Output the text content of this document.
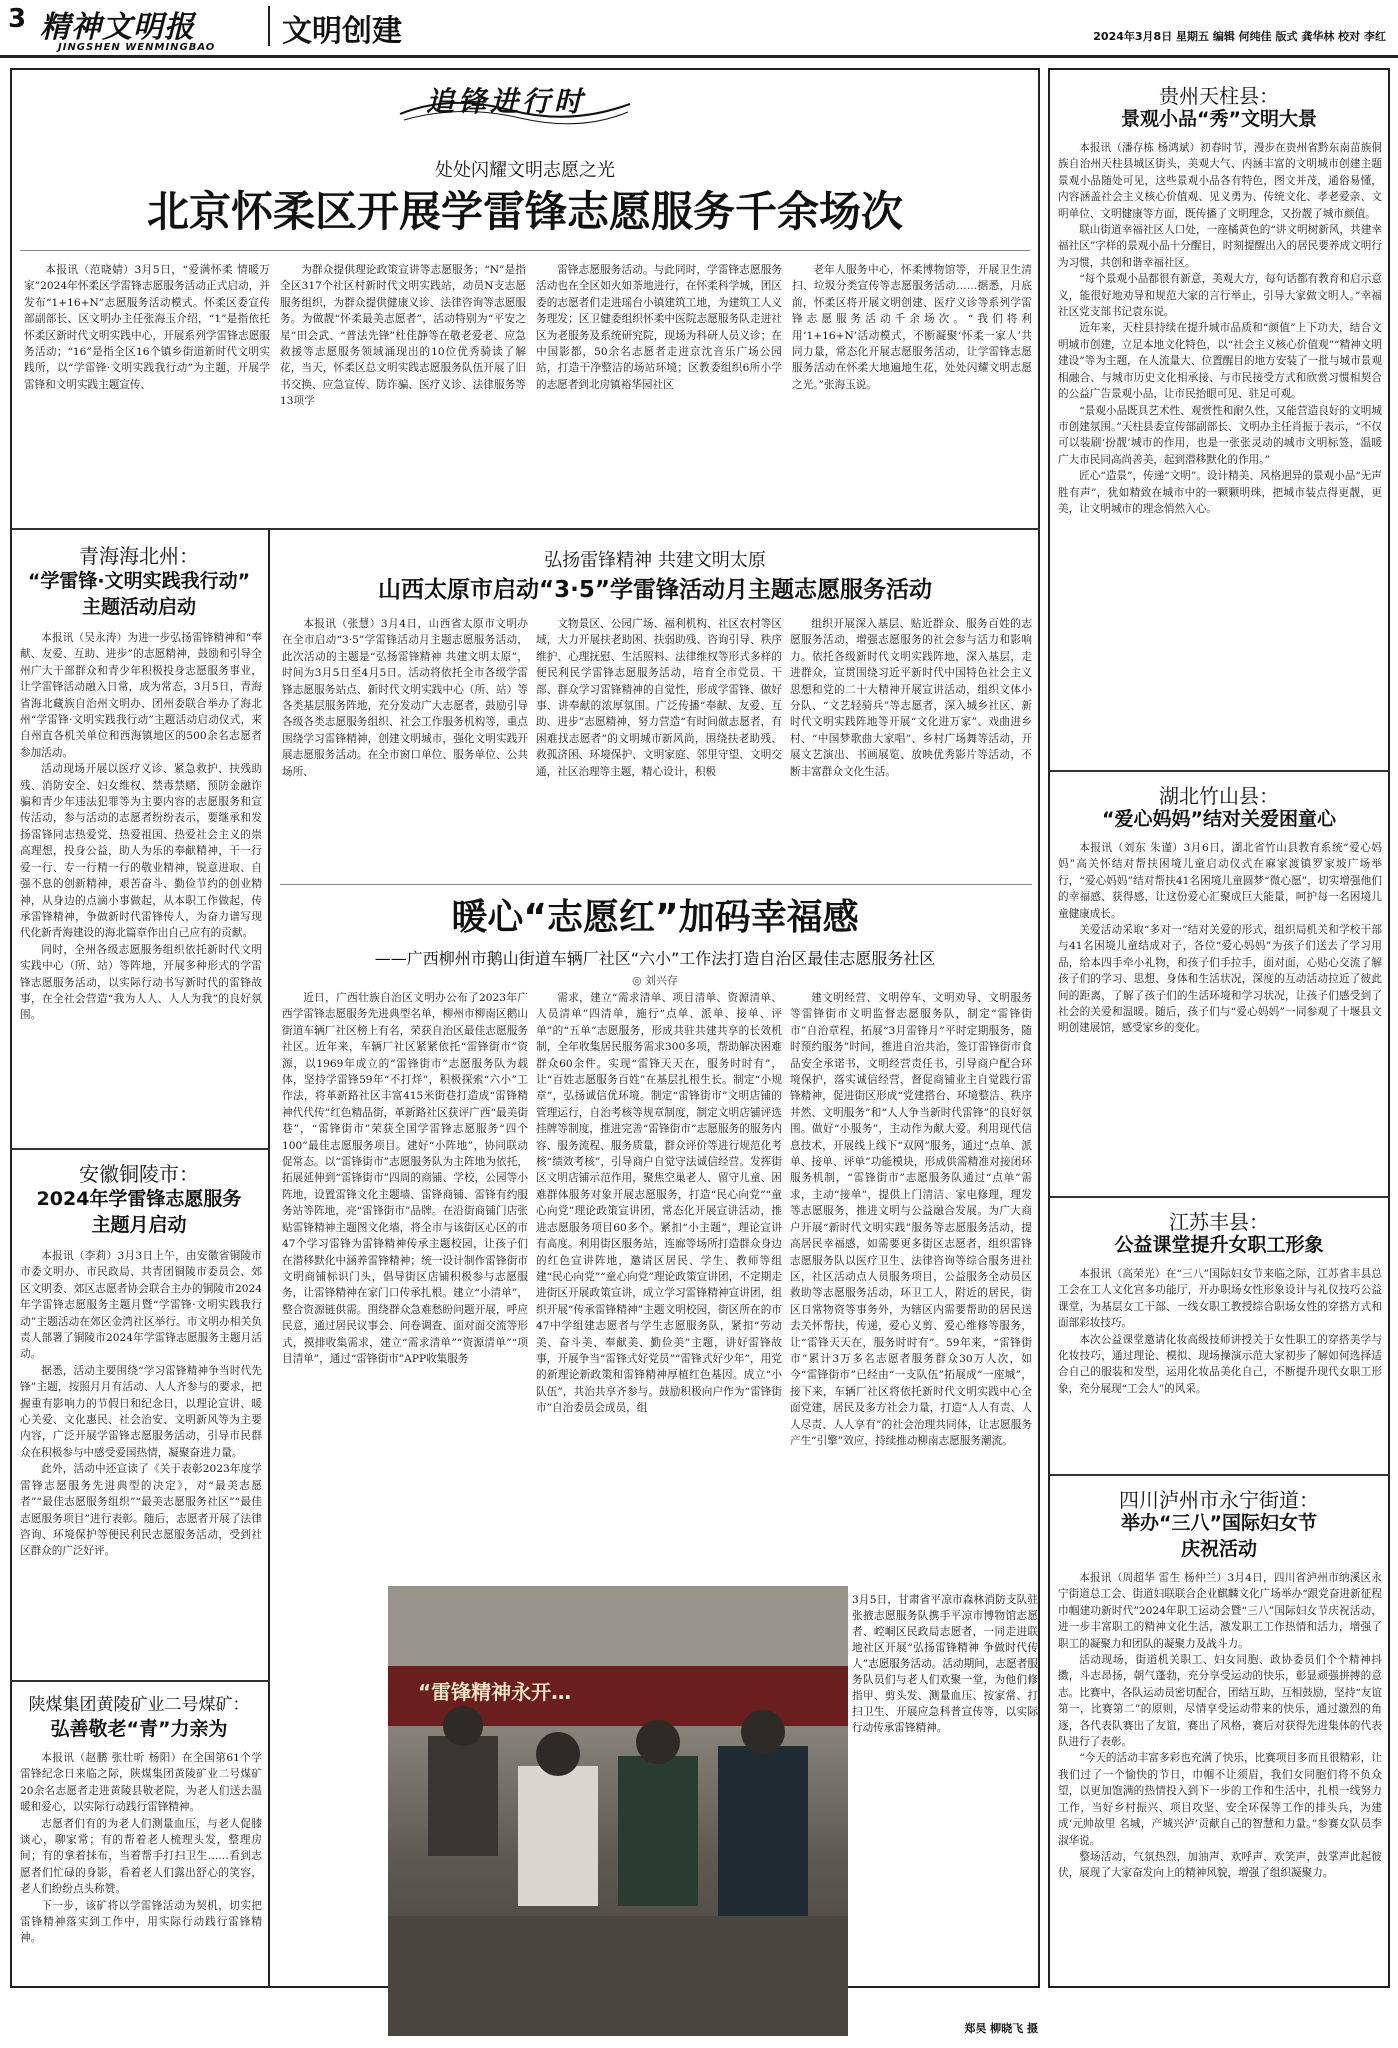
3 精神文明报
JINGSHEN WENMINGBAO 文明创建	2024年3月8日 星期五 编辑 何纯佳 版式 龚华林 校对 李红
追锋进行时
处处闪耀文明志愿之光
北京怀柔区开展学雷锋志愿服务千余场次

本报讯（范晓婧）3月5日，“爱满怀柔 情暖万家”2024年怀柔区学雷锋志愿服务活动正式启动，并发布“1+16+N”志愿服务活动模式。怀柔区委宣传部副部长、区文明办主任张海玉介绍，“1”是指依托怀柔区新时代文明实践中心，开展系列学雷锋志愿服务活动；“16”是指全区16个镇乡街道新时代文明实践所，以“学雷锋·文明实践我行动”为主题，开展学雷锋和文明实践主题宣传、

为群众提供理论政策宣讲等志愿服务；“N”是指全区317个社区村新时代文明实践站，动员N支志愿服务组织，为群众提供健康义诊、法律咨询等志愿服务。为做靓“怀柔最美志愿者”，活动特别为“平安之星”田会武、“普法先锋”杜佳静等在敬老爱老、应急救援等志愿服务领域涌现出的10位优秀骑读了解花，当天，怀柔区总文明实践志愿服务队伍开展了旧书交换、应急宣传、防诈骗、医疗义诊、法律服务等13项学

雷锋志愿服务活动。与此同时，学雷锋志愿服务活动也在全区如火如荼地进行，在怀柔科学城，团区委的志愿者们走进瑶台小镇建筑工地，为建筑工人义务理发；区卫健委组织怀柔中医院志愿服务队走进社区为老服务及系统研究院，现场为科研人员义诊；在中国影都，50余名志愿者走进京沈音乐广场公园站，打造干净整洁的场站环境；区教委组织6所小学的志愿者到北房镇裕华园社区

老年人服务中心，怀柔博物馆等，开展卫生清扫、垃圾分类宣传等志愿服务活动……据悉，月底前，怀柔区将开展文明创建、医疗义诊等系列学雷锋志愿服务活动千余场次。“我们将利用‘1+16+N’活动模式，不断凝聚‘怀柔一家人’共同力量，常态化开展志愿服务活动，让学雷锋志愿服务活动在怀柔大地遍地生花，处处闪耀文明志愿之光。”张海玉说。

青海海北州：
“学雷锋·文明实践我行动”
主题活动启动

本报讯（吴永涛）为进一步弘扬雷锋精神和“奉献、友爱、互助、进步”的志愿精神，鼓励和引导全州广大干部群众和青少年积极投身志愿服务事业，让学雷锋活动融入日常，成为常态，3月5日，青海省海北藏族自治州文明办、团州委联合举办了海北州“学雷锋·文明实践我行动”主题活动启动仪式，来自州直各机关单位和西海镇地区的500余名志愿者参加活动。

活动现场开展以医疗义诊、紧急救护、扶残助残、消防安全、妇女维权、禁毒禁赌、预防金融诈骗和青少年违法犯罪等为主要内容的志愿服务和宣传活动，参与活动的志愿者纷纷表示，要继承和发扬雷锋同志热爱党、热爱祖国、热爱社会主义的崇高理想，投身公益，助人为乐的奉献精神，干一行爱一行、专一行精一行的敬业精神，锐意进取、自强不息的创新精神，艰苦奋斗、勤俭节约的创业精神，从身边的点滴小事做起，从本职工作做起，传承雷锋精神，争做新时代雷锋传人，为奋力谱写现代化新青海建设的海北篇章作出自己应有的贡献。

同时，全州各级志愿服务组织依托新时代文明实践中心（所、站）等阵地，开展多种形式的学雷锋志愿服务活动，以实际行动书写新时代的雷锋故事，在全社会营造“我为人人、人人为我”的良好氛围。

安徽铜陵市：
2024年学雷锋志愿服务
主题月启动

本报讯（李莉）3月3日上午，由安徽省铜陵市市委文明办、市民政局、共青团铜陵市委员会、郊区文明委、郊区志愿者协会联合主办的铜陵市2024年学雷锋志愿服务主题月暨“学雷锋·文明实践我行动”主题活动在郊区金湾社区举行。市文明办相关负责人部署了铜陵市2024年学雷锋志愿服务主题月活动。

据悉，活动主要围绕“学习雷锋精神争当时代先锋”主题，按照月月有活动、人人齐参与的要求，把握重有影响力的节假日和纪念日，以理论宣讲、暖心关爱、文化惠民、社会治安、文明新风等为主要内容，广泛开展学雷锋志愿服务活动，引导市民群众在积极参与中感受爱国热情，凝聚奋进力量。

此外，活动中还宣读了《关于表彰2023年度学雷锋志愿服务先进典型的决定》，对“最美志愿者”“最佳志愿服务组织”“最美志愿服务社区”“最佳志愿服务项目”进行表彰。随后，志愿者开展了法律咨询、环境保护等便民利民志愿服务活动，受到社区群众的广泛好评。

陕煤集团黄陵矿业二号煤矿：
弘善敬老“青”力亲为

本报讯（赵鹏 张壮昕 杨阳）在全国第61个学雷锋纪念日来临之际，陕煤集团黄陵矿业二号煤矿20余名志愿者走进黄陵县敬老院，为老人们送去温暖和爱心，以实际行动践行雷锋精神。

志愿者们有的为老人们测量血压，与老人促膝谈心，聊家常；有的帮着老人梳理头发，整理房间；有的拿着抹布，当着帮手打扫卫生……看到志愿者们忙碌的身影，看着老人们露出舒心的笑容，老人们纷纷点头称赞。

下一步，该矿将以学雷锋活动为契机，切实把雷锋精神落实到工作中，用实际行动践行雷锋精神。

弘扬雷锋精神 共建文明太原
山西太原市启动“3·5”学雷锋活动月主题志愿服务活动

本报讯（张慧）3月4日，山西省太原市文明办在全市启动“3·5”学雷锋活动月主题志愿服务活动，此次活动的主题是“弘扬雷锋精神 共建文明太原”，时间为3月5日至4月5日。活动将依托全市各级学雷锋志愿服务站点、新时代文明实践中心（所、站）等各类基层服务阵地，充分发动广大志愿者，鼓励引导各级各类志愿服务组织、社会工作服务机构等，重点围绕学习雷锋精神，创建文明城市，强化文明实践开展志愿服务活动。在全市窗口单位、服务单位、公共场所、

文物景区、公园广场、福利机构、社区农村等区域，大力开展扶老助困、扶弱助残、咨询引导、秩序维护、心理抚慰、生活照料、法律维权等形式多样的便民利民学雷锋志愿服务活动，培育全市党员、干部、群众学习雷锋精神的自觉性，形成学雷锋、做好事、讲奉献的浓厚氛围。广泛传播“奉献、友爱、互助、进步”志愿精神，努力营造“有时间做志愿者，有困难找志愿者”的文明城市新风尚，围绕扶老助残、救孤济困、环境保护、文明家庭、邻里守望、文明交通，社区治理等主题，精心设计，积极

组织开展深入基层、贴近群众、服务百姓的志愿服务活动，增强志愿服务的社会参与活力和影响力。依托各级新时代文明实践阵地，深入基层，走进群众，宣贯围绕习近平新时代中国特色社会主义思想和党的二十大精神开展宣讲活动，组织文体小分队、“文艺轻骑兵”等志愿者，深入城乡社区、新时代文明实践阵地等开展“文化进万家”、戏曲进乡村、“中国梦歌曲大家唱”、乡村广场舞等活动，开展文艺演出、书画展览、放映优秀影片等活动，不断丰富群众文化生活。

暖心“志愿红”加码幸福感
——广西柳州市鹅山街道车辆厂社区“六小”工作法打造自治区最佳志愿服务社区
◎ 刘兴存

近日，广西壮族自治区文明办公布了2023年广西学雷锋志愿服务先进典型名单，柳州市柳南区鹅山街道车辆厂社区榜上有名，荣获自治区最佳志愿服务社区。近年来，车辆厂社区紧紧依托“雷锋街市”资源，以1969年成立的“雷锋街市”志愿服务队为载体，坚持学雷锋59年“不打烊”，积极探索“六小”工作法，将革新路社区丰富415米街巷打造成“雷锋精神代代传”红色精品街，革新路社区获评广西“最美街巷”，“雷锋街市”荣获全国学雷锋志愿服务“四个100”最佳志愿服务项目。建好“小阵地”，协同联动促常态。以“雷锋街市”志愿服务队为主阵地为依托，拓展延伸到“雷锋街市”四周的商铺、学校，公园等小阵地，设置雷锋文化主题墙、雷锋商铺、雷锋有约服务站等阵地，亮“雷锋街市”品牌。在沿街商铺门店张贴雷锋精神主题图文化墙，将全市与该街区心区的市47个学习雷锋为雷锋精神传承主题校园，让孩子们在潜移默化中涵养雷锋精神；统一设计制作雷锋街市文明商铺标识门头，倡导街区店铺积极参与志愿服务，让雷锋精神在家门口传承扎根。建立“小清单”，整合资源链供需。围绕群众急难愁盼问题开展，呼应民意，通过居民议事会、问卷调查、面对面交流等形式，摸排收集需求，建立“需求清单”“资源清单”“项目清单”，通过“雷锋街市”APP收集服务

需求，建立“需求清单、项目清单、资源清单、人员清单”四清单，施行“点单、派单、接单、评单”的“五单”志愿服务，形成共驻共建共享的长效机制，全年收集居民服务需求300多项，帮助解决困难群众60余件。实现“雷锋天天在，服务时时有”，让“百姓志愿服务百姓”在基层扎根生长。制定“小规章”，弘扬诚信优环境。制定“雷锋街市”文明店铺的管理运行，自治考核等规章制度，制定文明店铺评选挂牌等制度，推进完善“雷锋街市”志愿服务的服务内容、服务流程、服务质量，群众评价等进行规范化考核“绩效考核”，引导商户自觉守法诚信经营。发挥街区文明店铺示范作用，聚焦空巢老人、留守儿童、困难群体服务对象开展志愿服务，打造“民心向党”“童心向党”理论政策宣讲团，常态化开展宣讲活动，推进志愿服务项目60多个。紧扣“小主题”，理论宣讲有高度。利用街区服务站，连廊等场所打造群众身边的红色宣讲阵地，邀请区居民、学生、教师等组建“民心向党”“童心向党”理论政策宣讲团，不定期走进街区开展政策宣讲，成立学习雷锋精神宣讲团，组织开展“传承雷锋精神”主题文明校园，街区所在的市47中学组建志愿者与学生志愿服务队，紧扣“劳动美、奋斗美、奉献美、勤俭美”主题，讲好雷锋故事，开展争当“雷锋式好党员”“雷锋式好少年”，用党的新理论新政策和雷锋精神厚植红色基因。成立“小队伍”，共治共享齐参与。鼓励积极向户作为“雷锋街市”自治委员会成员，组

建文明经营、文明停车、文明劝导、文明服务等雷锋街市文明监督志愿服务队，制定“雷锋街市”自治章程，拓展“3月雷锋月”平时定期服务，随时预约服务”时间，推进自治共治，签订雷锋街市食品安全承诺书，文明经营责任书，引导商户配合环境保护，落实诚信经营，督促商铺业主自觉践行雷锋精神，促进街区形成“党建搭台、环境整洁、秩序井然、文明服务”和“人人争当新时代雷锋”的良好氛围。做好“小服务”，主动作为献大爱。利用现代信息技术，开展线上线下“双网”服务，通过“点单、派单、接单、评单”功能模块，形成供需精准对接闭环服务机制，“雷锋街市”志愿服务队通过“点单”需求，主动“接单”，提供上门清洁、家电修理，理发等志愿服务，推进文明与公益融合发展。为广大商户开展“新时代文明实践”服务等志愿服务活动，提高居民幸福感，如需要更多街区志愿者，组织雷锋志愿服务队以医疗卫生、法律咨询等综合服务进社区，社区活动点人员服务项目，公益服务全动员区救助等志愿服务活动，环卫工人，附近的居民，街区日常物资等事务外，为辖区内需要帮助的居民送去关怀帮扶，传递，爱心义剪、爱心维修等服务，让“雷锋天天在，服务时时有”。59年来，“雷锋街市”累计3万多名志愿者服务群众30万人次，如今“雷锋街市”已经由“一支队伍”拓展成“一座城”，接下来，车辆厂社区将依托新时代文明实践中心全面党建，居民及多方社会力量，打造“人人有责、人人尽责、人人享有”的社会治理共同体，让志愿服务产生“引擎”效应，持续推动柳南志愿服务潮流。

“雷锋精神永开…
3月5日，甘肃省平凉市森林消防支队驻张掖志愿服务队携手平凉市博物馆志愿者、崆峒区民政局志愿者，一同走进联地社区开展“弘扬雷锋精神 争做时代传人”志愿服务活动。活动期间，志愿者服务队员们与老人们欢聚一堂，为他们修指甲、剪头发、测量血压、按家常、打扫卫生、开展应急科普宣传等，以实际行动传承雷锋精神。
郑昊 柳晓飞 摄
贵州天柱县：
景观小品“秀”文明大景

本报讯（潘存栋 杨鸿斌）初春时节，漫步在贵州省黔东南苗族侗族自治州天柱县城区街头，美观大气、内涵丰富的文明城市创建主题景观小品随处可见，这些景观小品各有特色，图文并茂，通俗易懂，内容涵盖社会主义核心价值观、见义勇为、传统文化、孝老爱亲、文明单位、文明健康等方面，既传播了文明理念，又扮靓了城市颜值。

联山街道幸福社区人口处，一座橘黄色的“讲文明树新风，共建幸福社区”字样的景观小品十分醒目，时刻提醒出入的居民要养成文明行为习惯，共创和谐幸福社区。

“每个景观小品都很有新意，美观大方，每句话都有教育和启示意义，能很好地劝导和规范大家的言行举止，引导大家做文明人。”幸福社区党支部书记袁东说。

近年来，天柱县持续在提升城市品质和“颜值”上下功夫，结合文明城市创建，立足本地文化特色，以“社会主义核心价值观”“精神文明建设”等为主题，在人流量大、位置醒目的地方安装了一批与城市景观相融合、与城市历史文化相承接、与市民接受方式和欣赏习惯相契合的公益广告景观小品，让市民抬眼可见、驻足可观。

“景观小品既具艺术性、观赏性和耐久性，又能营造良好的文明城市创建氛围。”天柱县委宣传部副部长、文明办主任肖振于表示，“不仅可以装刷‘扮靓’城市的作用，也是一张张灵动的城市文明标签，温暖广大市民同高尚善美，起到潜移默化的作用。”

匠心“造景”，传递“文明”。设计精美、风格迥异的景观小品“无声胜有声”，犹如精致在城市中的一颗颗明珠，把城市装点得更靓，更美，让文明城市的理念悄然入心。

湖北竹山县：
“爱心妈妈”结对关爱困童心

本报讯（刘东 朱谨）3月6日，湖北省竹山县教育系统“爱心妈妈”高关怀结对帮扶困境儿童启动仪式在麻家渡镇罗家坡广场举行，“爱心妈妈”结对帮扶41名困境儿童圆梦“微心愿”，切实增强他们的幸福感、获得感，让这份爱心汇聚成巨大能量，呵护每一名困境儿童健康成长。

关爱活动采取“多对一”结对关爱的形式，组织局机关和学校干部与41名困境儿童结成对子，各位“爱心妈妈”为孩子们送去了学习用品，给本四手牵小礼物，和孩子们手拉手，面对面，心贴心交流了解孩子们的学习、思想、身体和生活状况，深度的互动活动拉近了彼此间的距离，了解了孩子们的生活环境和学习状况，让孩子们感受到了社会的关爱和温暖。随后，孩子们与“爱心妈妈”一同参观了十堰县文明创建展馆，感受家乡的变化。

江苏丰县：
公益课堂提升女职工形象

本报讯（高荣光）在“三八”国际妇女节来临之际，江苏省丰县总工会在工人文化宫多功能厅，开办职场女性形象设计与礼仪技巧公益课堂，为基层女工干部、一线女职工教授综合职场女性的穿搭方式和面部彩妆技巧。

本次公益课堂邀请化妆高级技师讲授关于女性职工的穿搭美学与化妆技巧，通过理论、模拟、现场操演示范大家初步了解如何选择适合自己的服装和发型，运用化妆品美化自己，不断提升现代女职工形象，充分展现“工会人”的风采。

四川泸州市永宁街道：
举办“三八”国际妇女节
庆祝活动

本报讯（周超华 雷生 杨仲兰）3月4日，四川省泸州市纳溪区永宁街道总工会、街道妇联联合企业麒麟文化广场举办“跟党奋进新征程 巾帼建功新时代”2024年职工运动会暨“三八”国际妇女节庆祝活动，进一步丰富职工的精神文化生活，激发职工工作热情和活力，增强了职工的凝聚力和团队的凝聚力及战斗力。

活动现场，街道机关职工、妇女同胞、政协委员们个个精神抖擞，斗志昂扬，朝气蓬勃，充分享受运动的快乐，彰显顽强拼搏的意志。比赛中，各队运动员密切配合，团结互助，互相鼓励，坚持“友谊第一，比赛第二”的原则，尽情享受运动带来的快乐，通过激烈的角逐，各代表队赛出了友谊，赛出了风格，赛后对获得先进集体的代表队进行了表彰。

“今天的活动丰富多彩也充满了快乐，比赛项目多而且很精彩，让我们过了一个愉快的节日，巾帼不让须眉，我们女同胞们将不负众望，以更加饱满的热情投入到下一步的工作和生活中，扎根一线努力工作，当好乡村振兴、项目攻坚、安全环保等工作的排头兵，为建成‘元帅故里 名城，产城兴泸’贡献自己的智慧和力量。”参赛女队员李淑华说。

整场活动，气氛热烈，加油声、欢呼声、欢笑声，鼓掌声此起彼伏，展现了大家奋发向上的精神风貌，增强了组织凝聚力。
